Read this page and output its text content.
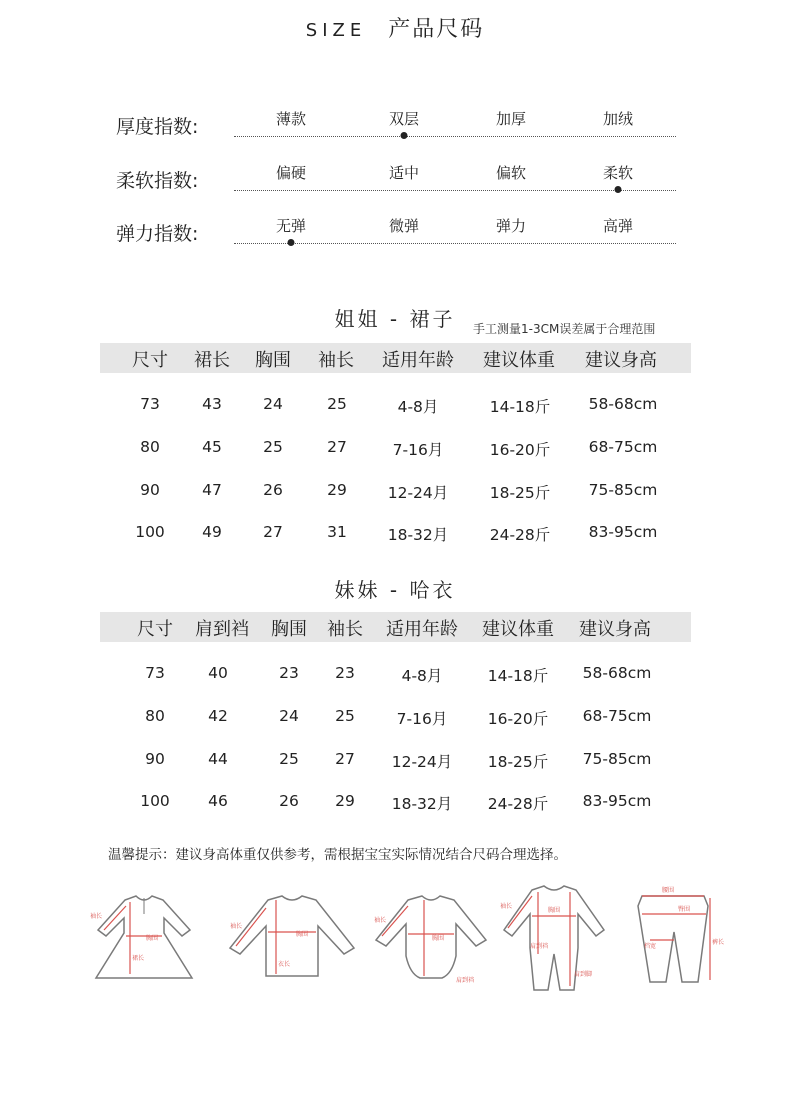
SIZE 产品尺码
厚度指数:	薄款	双层	加厚	加绒
柔软指数:	偏硬	适中	偏软	柔软
弹力指数:	无弹	微弹	弹力	高弹
姐姐 - 裙子	手工测量1-3CM误差属于合理范围
尺寸 裙长 胸围 袖长 适用年龄 建议体重 建议身高
73	43	24	25	4-8月	14-18斤 58-68cm
80	45	25	27	7-16月	16-20斤 68-75cm
90	47	26	29	12-24月	18-25斤 75-85cm
100 49	27	31	18-32月	24-28斤 83-95cm
妹妹 - 哈衣
尺寸 肩到裆 胸围 袖长 适用年龄 建议体重 建议身高
73	40	23 23	4-8月	14-18斤 58-68cm
80	42	24 25	7-16月	16-20斤 68-75cm
90	44	25 27 12-24月 18-25斤 75-85cm
100 46	26 29 18-32月 24-28斤 83-95cm
温馨提示：建议身高体重仅供参考，需根据宝宝实际情况结合尺码合理选择。
胸围
袖长
裙长
胸围
袖长
衣长
胸围
袖长
肩到裆
胸围
袖长
肩到裆
肩到脚
腰围
臀围
裤长
档宽
